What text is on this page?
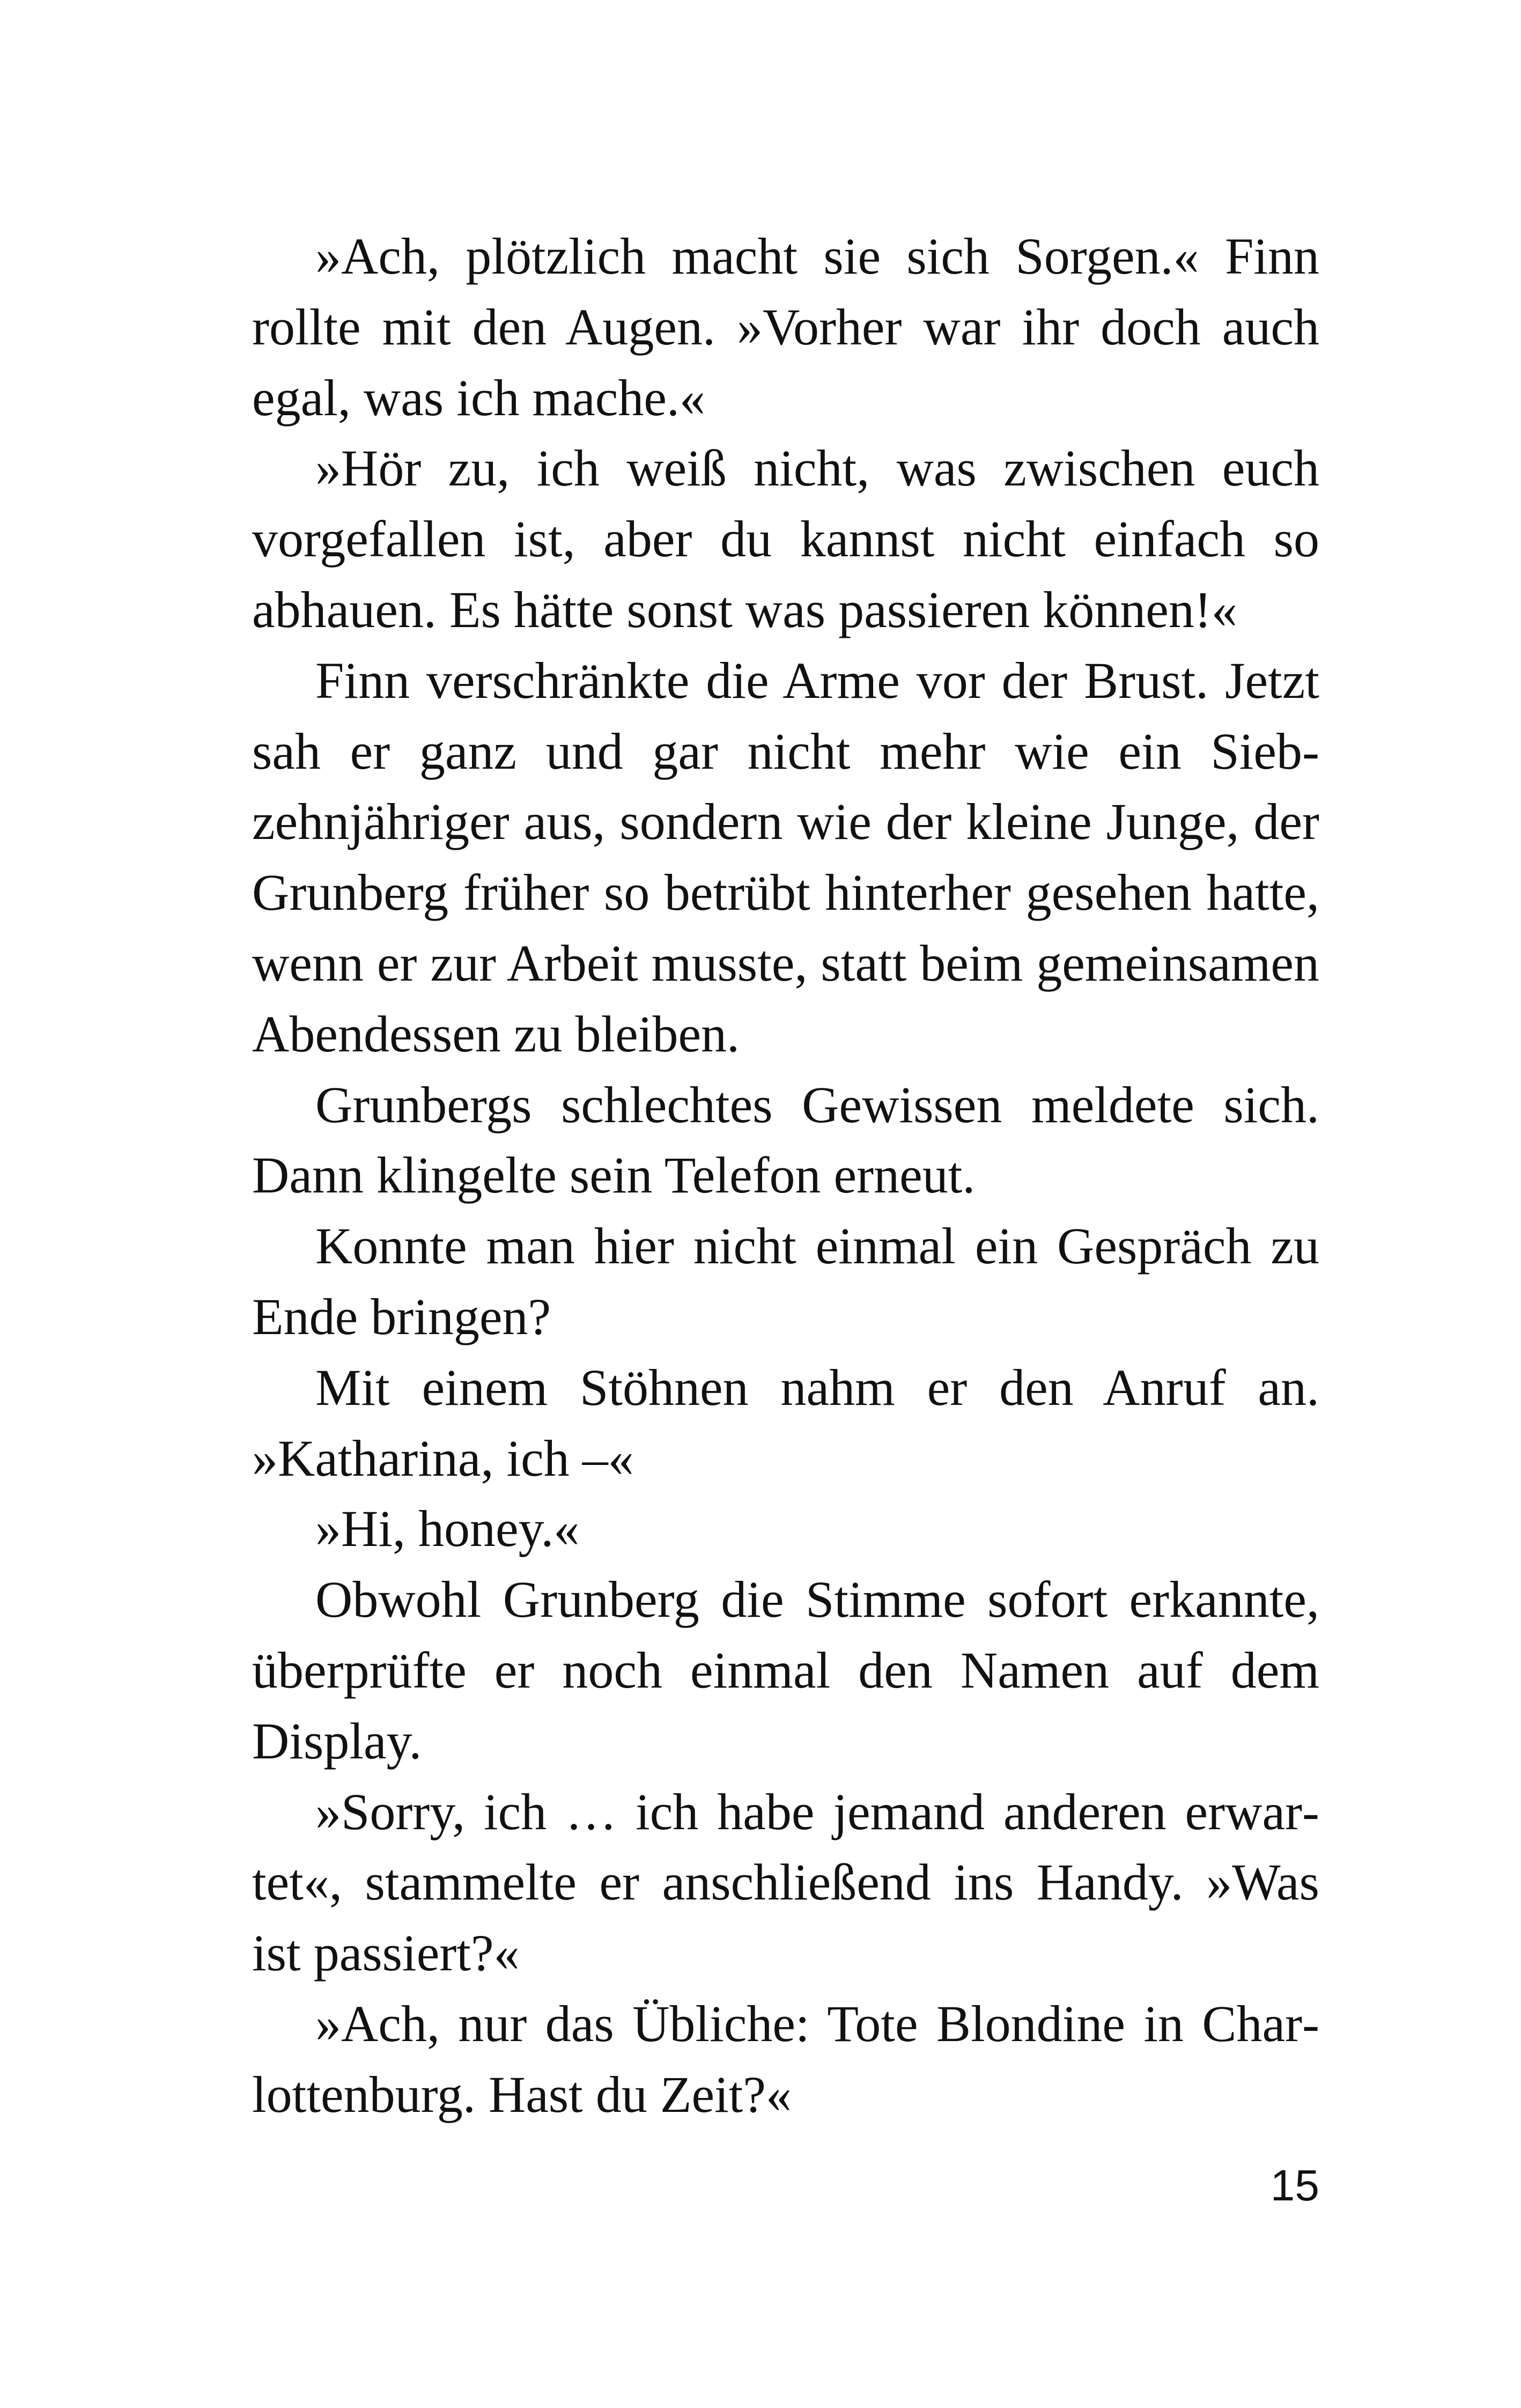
»Ach, plötzlich macht sie sich Sorgen.« Finn rollte mit den Augen. »Vorher war ihr doch auch egal, was ich mache.«

»Hör zu, ich weiß nicht, was zwischen euch vorgefallen ist, aber du kannst nicht einfach so abhauen. Es hätte sonst was passieren können!«

Finn verschränkte die Arme vor der Brust. Jetzt sah er ganz und gar nicht mehr wie ein Siebzehnjähriger aus, sondern wie der kleine Junge, der Grunberg früher so betrübt hinterher gesehen hatte, wenn er zur Arbeit musste, statt beim gemeinsamen Abendessen zu bleiben.

Grunbergs schlechtes Gewissen meldete sich. Dann klingelte sein Telefon erneut.

Konnte man hier nicht einmal ein Gespräch zu Ende bringen?

Mit einem Stöhnen nahm er den Anruf an. »Katharina, ich –«

»Hi, honey.«

Obwohl Grunberg die Stimme sofort erkannte, überprüfte er noch einmal den Namen auf dem Display.

»Sorry, ich … ich habe jemand anderen erwartet«, stammelte er anschließend ins Handy. »Was ist passiert?«

»Ach, nur das Übliche: Tote Blondine in Charlottenburg. Hast du Zeit?«

15
